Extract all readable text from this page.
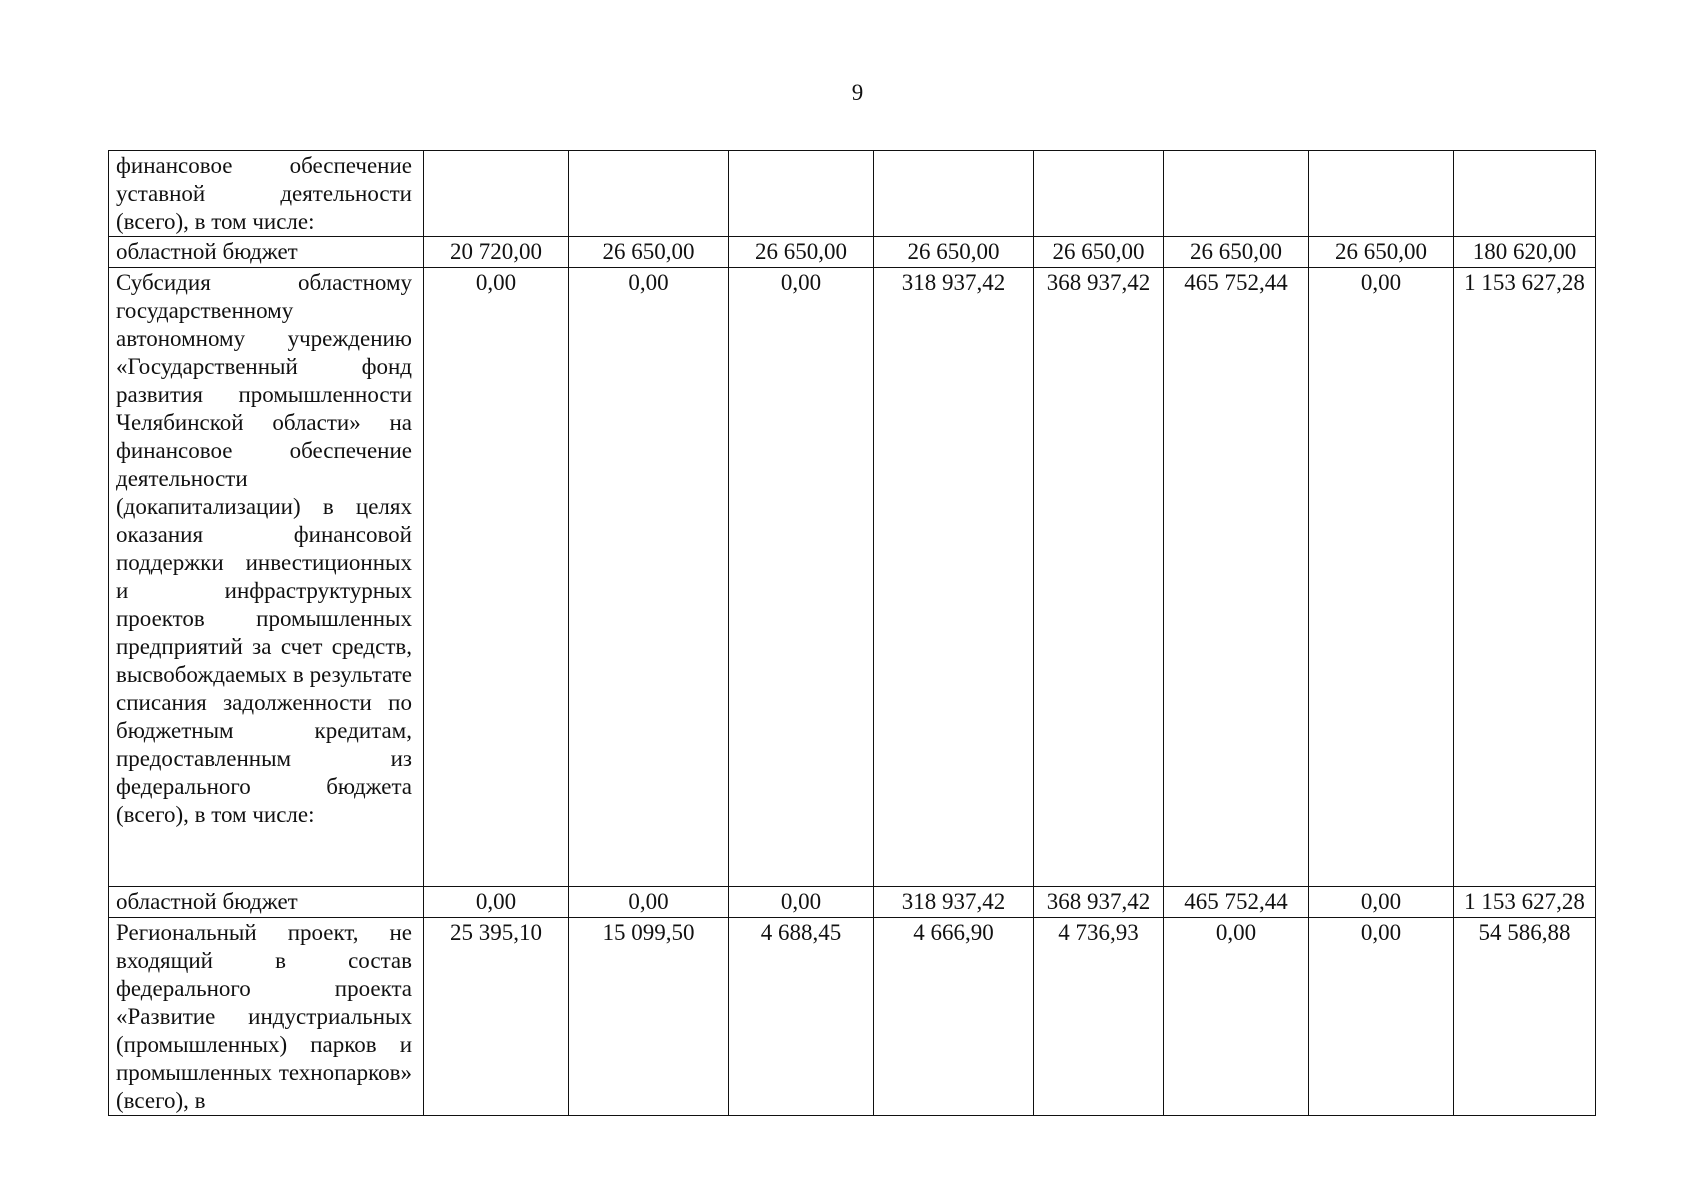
9
финансовое обеспечение уставной деятельности (всего), в том числе:								
областной бюджет	20 720,00	26 650,00	26 650,00	26 650,00	26 650,00	26 650,00	26 650,00	180 620,00
Субсидия областному государственному автономному учреждению «Государственный фонд развития промышленности Челябинской области» на финансовое обеспечение деятельности (докапитализации) в целях оказания финансовой поддержки инвестиционных и инфраструктурных проектов промышленных предприятий за счет средств, высвобождаемых в результате списания задолженности по бюджетным кредитам, предоставленным из федерального бюджета (всего), в том числе:	0,00	0,00	0,00	318 937,42	368 937,42	465 752,44	0,00	1 153 627,28
областной бюджет	0,00	0,00	0,00	318 937,42	368 937,42	465 752,44	0,00	1 153 627,28
Региональный проект, не входящий в состав федерального проекта «Развитие индустриальных (промышленных) парков и промышленных технопарков» (всего), в	25 395,10	15 099,50	4 688,45	4 666,90	4 736,93	0,00	0,00	54 586,88
